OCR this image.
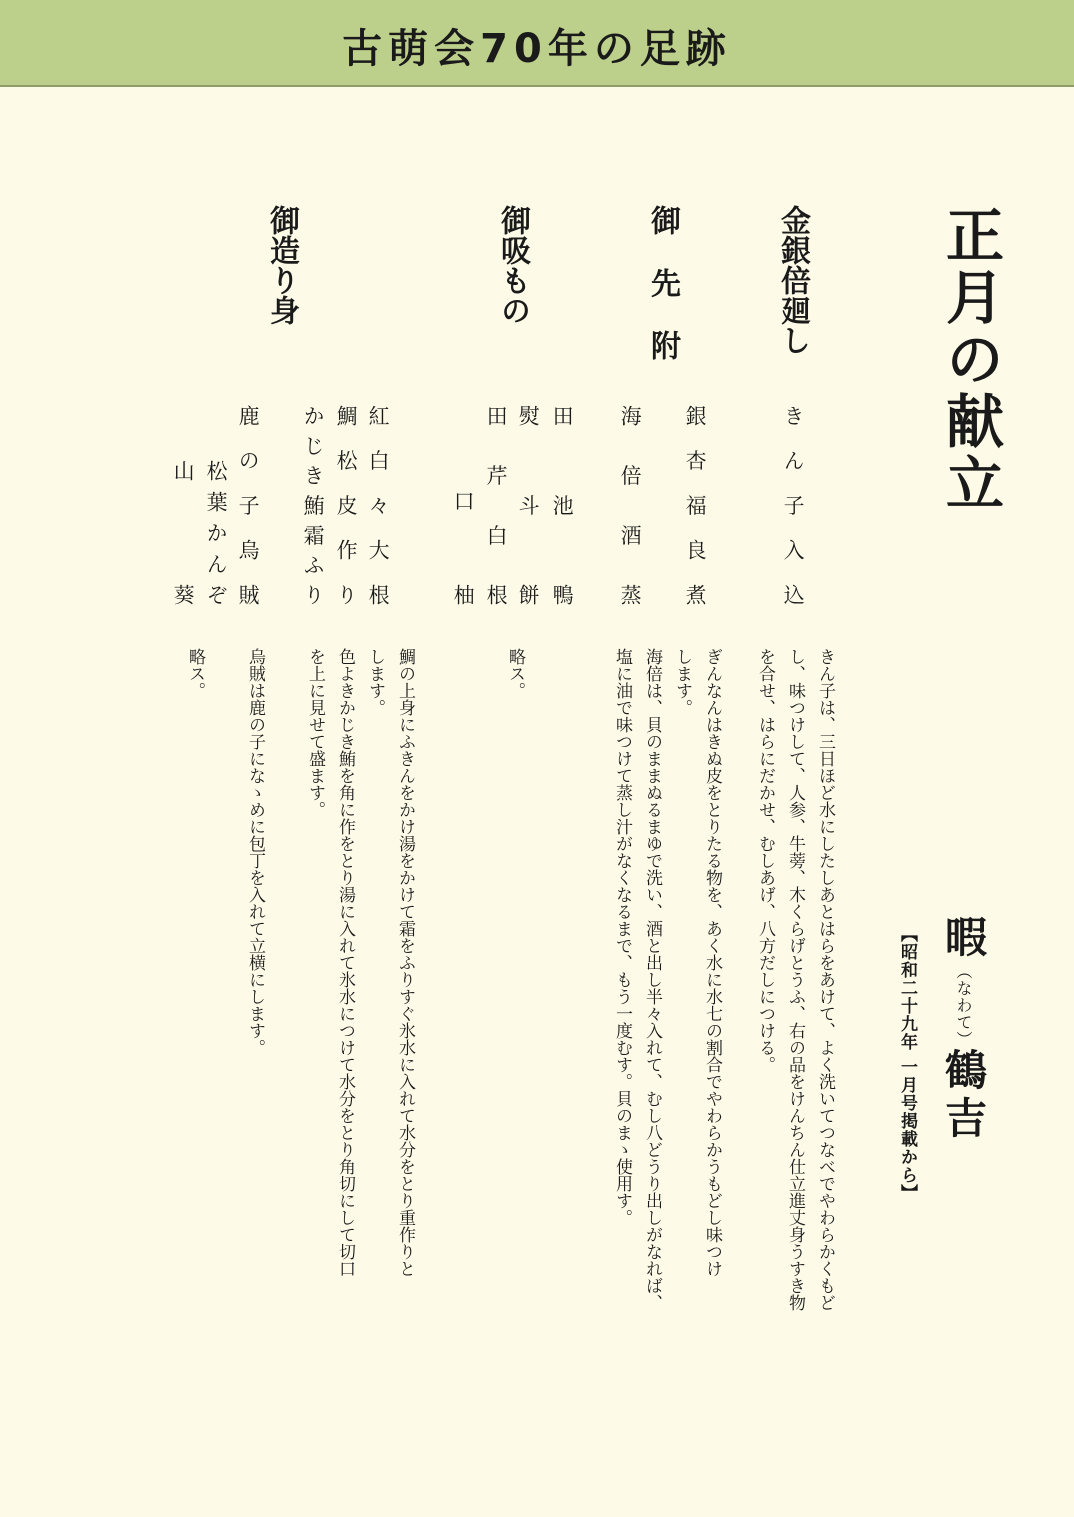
古萌会70年の足跡
正月の献立
暇（なわて）鶴吉
【昭和二十九年 一月号掲載から】
金銀倍廻し
御先附
御吸もの
御造り身
きん子入込
銀杏福良煮
海倍酒蒸
田池鴨
熨斗餅
田芹白根
口柚
紅白々大根
鯛松皮作り
かじき鮪霜ふり
鹿の子烏賊
松葉かんぞ
山葵
きん子は、三日ほど水にしたしあとはらをあけて、よく洗いてつなべでやわらかくもど
し、味つけして、人参、牛蒡、木くらげとうふ、右の品をけんちん仕立進丈身うすき物
を合せ、はらにだかせ、むしあげ、八方だしにつける。
ぎんなんはきぬ皮をとりたる物を、あく水に水七の割合でやわらかうもどし味つけ
します。
海倍は、貝のままぬるまゆで洗い、酒と出し半々入れて、むし八どうり出しがなれば、
塩に油で味つけて蒸し汁がなくなるまで、もう一度むす。貝のまゝ使用す。
略ス。
鯛の上身にふきんをかけ湯をかけて霜をふりすぐ氷水に入れて水分をとり重作りと
します。
色よきかじき鮪を角に作をとり湯に入れて氷水につけて水分をとり角切にして切口
を上に見せて盛ます。
烏賊は鹿の子になゝめに包丁を入れて立横にします。
略ス。
